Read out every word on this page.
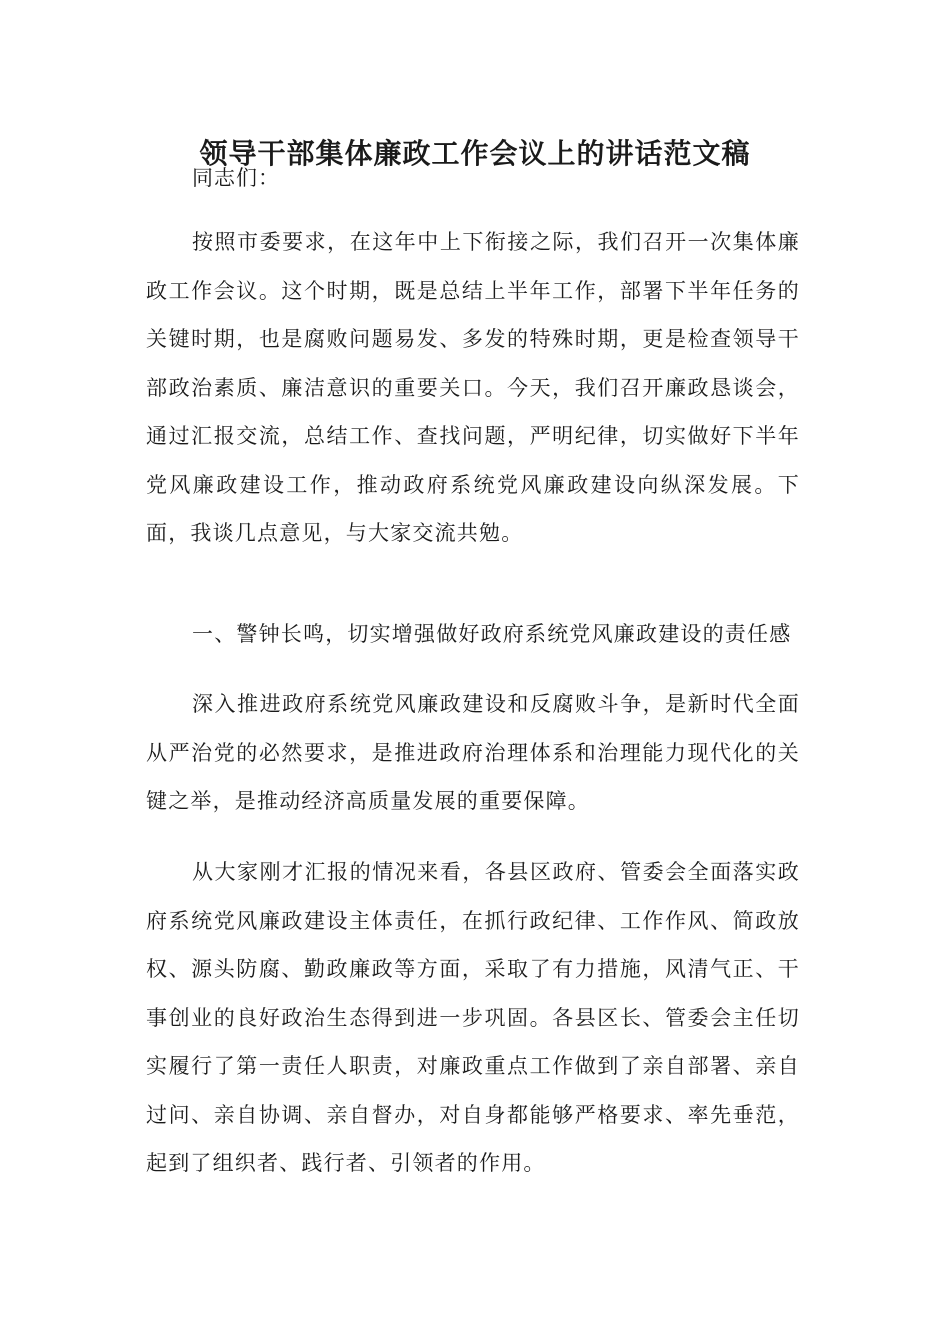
领导干部集体廉政工作会议上的讲话范文稿

同志们：

按照市委要求，在这年中上下衔接之际，我们召开一次集体廉政工作会议。这个时期，既是总结上半年工作，部署下半年任务的关键时期，也是腐败问题易发、多发的特殊时期，更是检查领导干部政治素质、廉洁意识的重要关口。今天，我们召开廉政恳谈会，通过汇报交流，总结工作、查找问题，严明纪律，切实做好下半年党风廉政建设工作，推动政府系统党风廉政建设向纵深发展。下面，我谈几点意见，与大家交流共勉。

一、警钟长鸣，切实增强做好政府系统党风廉政建设的责任感

深入推进政府系统党风廉政建设和反腐败斗争，是新时代全面从严治党的必然要求，是推进政府治理体系和治理能力现代化的关键之举，是推动经济高质量发展的重要保障。

从大家刚才汇报的情况来看，各县区政府、管委会全面落实政府系统党风廉政建设主体责任，在抓行政纪律、工作作风、简政放权、源头防腐、勤政廉政等方面，采取了有力措施，风清气正、干事创业的良好政治生态得到进一步巩固。各县区长、管委会主任切实履行了第一责任人职责，对廉政重点工作做到了亲自部署、亲自过问、亲自协调、亲自督办，对自身都能够严格要求、率先垂范，起到了组织者、践行者、引领者的作用。
